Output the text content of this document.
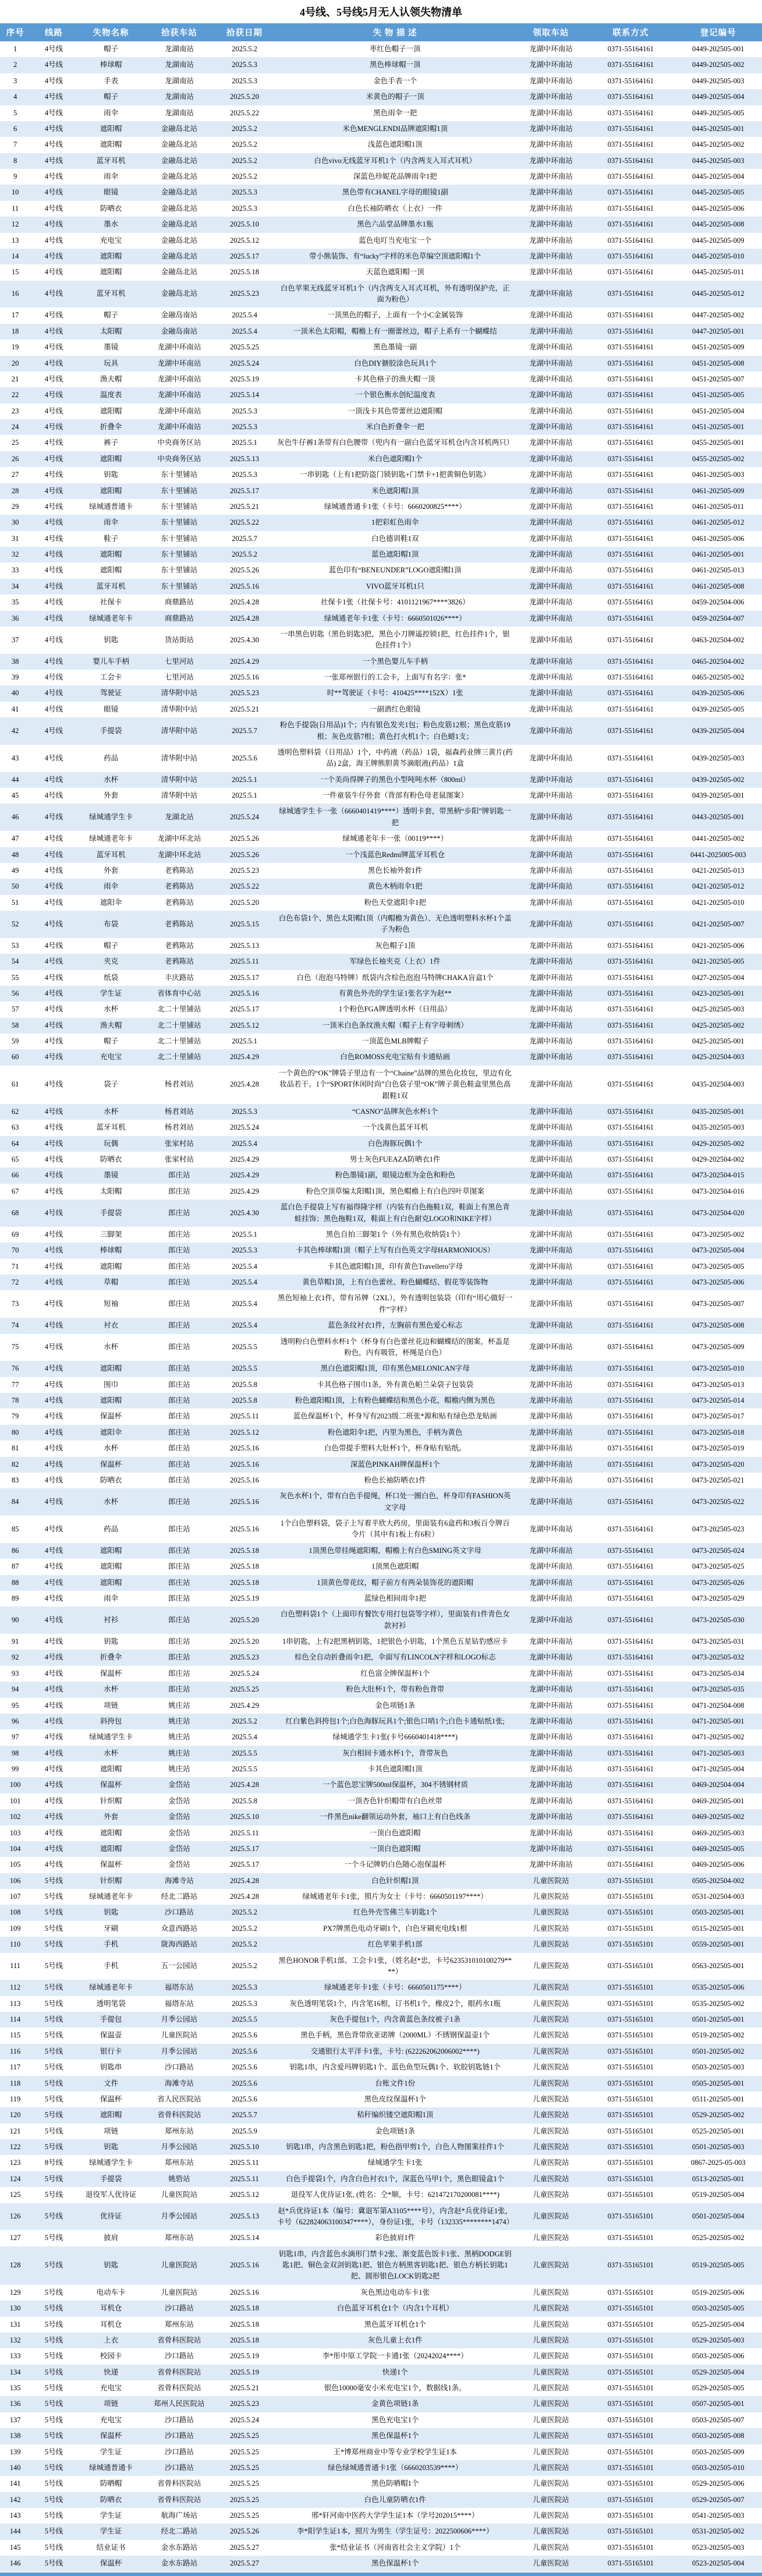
4号线、5号线5月无人认领失物清单
序号	线路	失物名称	拾获车站	拾获日期	失 物 描 述	领取车站	联系方式	登记编号
1	4号线	帽子	龙湖南站	2025.5.2	枣红色帽子一顶	龙湖中环南站	0371-55164161	0449-202505-001
2	4号线	棒球帽	龙湖南站	2025.5.3	黑色棒球帽一顶	龙湖中环南站	0371-55164161	0449-202505-002
3	4号线	手表	龙湖南站	2025.5.3	金色手表一个	龙湖中环南站	0371-55164161	0449-202505-003
4	4号线	帽子	龙湖南站	2025.5.20	米黄色的帽子一顶	龙湖中环南站	0371-55164161	0449-202505-004
5	4号线	雨伞	龙湖南站	2025.5.22	黑色雨伞一把	龙湖中环南站	0371-55164161	0449-202505-005
6	4号线	遮阳帽	金融岛北站	2025.5.2	米色MENGLENDI品牌遮阳帽1顶	龙湖中环南站	0371-55164161	0445-202505-001
7	4号线	遮阳帽	金融岛北站	2025.5.2	浅蓝色遮阳帽1顶	龙湖中环南站	0371-55164161	0445-202505-002
8	4号线	蓝牙耳机	金融岛北站	2025.5.2	白色vivo无线蓝牙耳机1个（内含两支入耳式耳机）	龙湖中环南站	0371-55164161	0445-202505-003
9	4号线	雨伞	金融岛北站	2025.5.2	深蓝色珍妮花品牌雨伞1把	龙湖中环南站	0371-55164161	0445-202505-004
10	4号线	眼镜	金融岛北站	2025.5.3	黑色带有CHANEL字母的眼镜1副	龙湖中环南站	0371-55164161	0445-202505-005
11	4号线	防晒衣	金融岛北站	2025.5.3	白色长袖防晒衣（上衣）一件	龙湖中环南站	0371-55164161	0445-202505-006
12	4号线	墨水	金融岛北站	2025.5.10	黑色六品堂品牌墨水1瓶	龙湖中环南站	0371-55164161	0445-202505-008
13	4号线	充电宝	金融岛北站	2025.5.12	蓝色电叮当充电宝一个	龙湖中环南站	0371-55164161	0445-202505-009
14	4号线	遮阳帽	金融岛北站	2025.5.17	带小熊装饰、有“lucky”字样的米色草编空顶遮阳帽1个	龙湖中环南站	0371-55164161	0445-202505-010
15	4号线	遮阳帽	金融岛北站	2025.5.18	天蓝色遮阳帽一顶	龙湖中环南站	0371-55164161	0445-202505-011
16	4号线	蓝牙耳机	金融岛北站	2025.5.23	白色苹果无线蓝牙耳机1个（内含两支入耳式耳机，外有透明保护壳，正面为粉色）	龙湖中环南站	0371-55164161	0445-202505-012
17	4号线	帽子	金融岛南站	2025.5.4	一顶黑色的帽子，上面有一个小C金属装饰	龙湖中环南站	0371-55164161	0447-202505-002
18	4号线	太阳帽	金融岛南站	2025.5.4	一顶米色太阳帽，帽檐上有一圈蕾丝边，帽子上系有一个蝴蝶结	龙湖中环南站	0371-55164161	0447-202505-001
19	4号线	墨镜	龙湖中环南站	2025.5.25	黑色墨镜一副	龙湖中环南站	0371-55164161	0451-202505-009
20	4号线	玩具	龙湖中环南站	2025.5.24	白色DIY搪胶涂色玩具1个	龙湖中环南站	0371-55164161	0451-202505-008
21	4号线	渔夫帽	龙湖中环南站	2025.5.19	卡其色格子的渔夫帽一顶	龙湖中环南站	0371-55164161	0451-202505-007
22	4号线	温度表	龙湖中环南站	2025.5.14	一个银色衡水创纪温度表	龙湖中环南站	0371-55164161	0451-202505-005
23	4号线	遮阳帽	龙湖中环南站	2025.5.3	一顶浅卡其色带蕾丝边遮阳帽	龙湖中环南站	0371-55164161	0451-202505-004
24	4号线	折叠伞	龙湖中环南站	2025.5.3	米白色折叠伞一把	龙湖中环南站	0371-55164161	0451-202505-001
25	4号线	裤子	中央商务区站	2025.5.1	灰色牛仔裤1条带有白色腰带（兜内有一副白色蓝牙耳机仓内含耳机两只）	龙湖中环南站	0371-55164161	0455-202505-001
26	4号线	遮阳帽	中央商务区站	2025.5.13	米白色遮阳帽1个	龙湖中环南站	0371-55164161	0455-202505-002
27	4号线	钥匙	东十里铺站	2025.5.3	一串钥匙（上有1把防盗门锁钥匙+门禁卡+1把黄铜色钥匙）	龙湖中环南站	0371-55164161	0461-202505-003
28	4号线	遮阳帽	东十里铺站	2025.5.17	米色遮阳帽1顶	龙湖中环南站	0371-55164161	0461-202505-009
29	4号线	绿城通普通卡	东十里铺站	2025.5.21	绿城通普通卡1张（卡号：6660200825****）	龙湖中环南站	0371-55164161	0461-202505-011
30	4号线	雨伞	东十里铺站	2025.5.22	1把彩虹色雨伞	龙湖中环南站	0371-55164161	0461-202505-012
31	4号线	鞋子	东十里铺站	2025.5.7	白色德训鞋1双	龙湖中环南站	0371-55164161	0461-202505-006
32	4号线	遮阳帽	东十里铺站	2025.5.2	蓝色遮阳帽1顶	龙湖中环南站	0371-55164161	0461-202505-001
33	4号线	遮阳帽	东十里铺站	2025.5.26	蓝色印有“BENEUNDER”LOGO遮阳帽1顶	龙湖中环南站	0371-55164161	0461-202505-013
34	4号线	蓝牙耳机	东十里铺站	2025.5.16	VIVO蓝牙耳机1只	龙湖中环南站	0371-55164161	0461-202505-008
35	4号线	社保卡	商鼎路站	2025.4.28	社保卡1张（社保卡号：4101121967****3826）	龙湖中环南站	0371-55164161	0459-202504-006
36	4号线	绿城通老年卡	商鼎路站	2025.4.28	绿城通老年卡1张（卡号：6660501026****）	龙湖中环南站	0371-55164161	0459-202504-007
37	4号线	钥匙	货站街站	2025.4.30	一串黑色钥匙（黑色钥匙3把，黑色小刀牌遥控锁1把，红色挂件1个，银色挂件1个）	龙湖中环南站	0371-55164161	0463-202504-002
38	4号线	婴儿车手柄	七里河站	2025.4.29	一个黑色婴儿车手柄	龙湖中环南站	0371-55164161	0465-202504-002
39	4号线	工会卡	七里河站	2025.5.16	一张郑州银行的工会卡，上面写有名字：张*	龙湖中环南站	0371-55164161	0465-202505-002
40	4号线	驾驶证	清华附中站	2025.5.23	时**驾驶证（卡号：410425****152X）1张	龙湖中环南站	0371-55164161	0439-202505-006
41	4号线	眼镜	清华附中站	2025.5.21	一副酒红色眼镜	龙湖中环南站	0371-55164161	0439-202505-005
42	4号线	手提袋	清华附中站	2025.5.7	粉色手提袋(日用品)1个；内有银色发夹1包；粉色皮筋12根；黑色皮筋19根；灰色皮筋7根；黄色打火机1个；白色蜡1支；	龙湖中环南站	0371-55164161	0439-202505-004
43	4号线	药品	清华附中站	2025.5.6	透明色塑料袋（日用品）1个，中药液（药品）1袋，福森药业牌三黄片(药品) 2盒，海王牌熊胆黄芩滴眼液(药品）1盒	龙湖中环南站	0371-55164161	0439-202505-003
44	4号线	水杯	清华附中站	2025.5.1	一个美尚得牌子的黑色小型吨吨水杯（800ml）	龙湖中环南站	0371-55164161	0439-202505-002
45	4号线	外套	清华附中站	2025.5.1	一件童装牛仔外套（背部有粉色母老鼠图案）	龙湖中环南站	0371-55164161	0439-202505-001
46	4号线	绿城通学生卡	龙湖北站	2025.5.24	绿城通学生卡一张（6660401419****）透明卡套，带黑柄“步阳”牌钥匙一把	龙湖中环南站	0371-55164161	0443-202505-001
47	4号线	绿城通老年卡	龙湖中环北站	2025.5.26	绿城通老年卡一张（00119****）	龙湖中环南站	0371-55164161	0441-202505-002
48	4号线	蓝牙耳机	龙湖中环北站	2025.5.26	一个浅蓝色Redmi牌蓝牙耳机仓	龙湖中环南站	0371-55164161	0441-2025005-003
49	4号线	外套	老鸦陈站	2025.5.23	黑色长袖外套1件	龙湖中环南站	0371-55164161	0421-202505-013
50	4号线	雨伞	老鸦陈站	2025.5.22	黄色木柄雨伞1把	龙湖中环南站	0371-55164161	0421-202505-012
51	4号线	遮阳伞	老鸦陈站	2025.5.20	粉色天堂遮阳伞1把	龙湖中环南站	0371-55164161	0421-202505-010
52	4号线	布袋	老鸦陈站	2025.5.15	白色布袋1个、黑色太阳帽1顶（内帽檐为黄色）、无色透明塑料水杯1个盖子为粉色	龙湖中环南站	0371-55164161	0421-202505-007
53	4号线	帽子	老鸦陈站	2025.5.13	灰色帽子1顶	龙湖中环南站	0371-55164161	0421-202505-006
54	4号线	夹克	老鸦陈站	2025.5.11	军绿色长袖夹克（上衣）1件	龙湖中环南站	0371-55164161	0421-202505-005
55	4号线	纸袋	丰庆路站	2025.5.17	白色（泡泡马特牌）纸袋内含棕色泡泡马特牌CHAKA盲盒1个	龙湖中环南站	0371-55164161	0427-202505-004
56	4号线	学生证	省体育中心站	2025.5.16	有黄色外壳的学生证1张名字为赵**	龙湖中环南站	0371-55164161	0423-202505-001
57	4号线	水杯	北二十里铺站	2025.5.17	1个粉色FGA牌透明水杯（日用品）	龙湖中环南站	0371-55164161	0425-202505-003
58	4号线	渔夫帽	北二十里铺站	2025.5.12	一顶米白色条纹渔夫帽（帽子上有字母刺绣）	龙湖中环南站	0371-55164161	0425-202505-002
59	4号线	帽子	北二十里铺站	2025.5.1	一顶蓝色MLB牌帽子	龙湖中环南站	0371-55164161	0425-202505-001
60	4号线	充电宝	北二十里铺站	2025.4.29	白色ROMOSS充电宝贴有卡通贴画	龙湖中环南站	0371-55164161	0425-202504-003
61	4号线	袋子	杨君刘站	2025.4.28	一个黄色的“OK”牌袋子里边有一个“Chaine”品牌的黑色化妆包，里边有化妆品若干。1个“SPORT休闲时尚”白色袋子里“OK”牌子黄色鞋盒里黑色高跟鞋1双	龙湖中环南站	0371-55164161	0435-202504-003
62	4号线	水杯	杨君刘站	2025.5.3	“CASNO”品牌灰色水杯1个	龙湖中环南站	0371-55164161	0435-202505-001
63	4号线	蓝牙耳机	杨君刘站	2025.5.24	一个浅黄色蓝牙耳机	龙湖中环南站	0371-55164161	0435-202505-003
64	4号线	玩偶	张家村站	2025.5.4	白色海豚玩偶1个	龙湖中环南站	0371-55164161	0429-202505-002
65	4号线	防晒衣	张家村站	2025.4.29	男士灰色FUEAZA防晒衣1件	龙湖中环南站	0371-55164161	0429-202504-002
66	4号线	墨镜	郎庄站	2025.4.29	粉色墨镜1副，眼镜边框为金色和粉色	龙湖中环南站	0371-55164161	0473-202504-015
67	4号线	太阳帽	郎庄站	2025.4.29	粉色空顶草编太阳帽1顶，黑色帽檐上有白色四叶草图案	龙湖中环南站	0371-55164161	0473-202504-016
68	4号线	手提袋	郎庄站	2025.4.30	蓝白色手提袋上写有福得隆字样（内装有白色拖鞋1双，鞋面上有黑色青蛙挂饰；黑色拖鞋1双，鞋面上有白色耐克LOGO和NIKE字样）	龙湖中环南站	0371-55164161	0473-202504-020
69	4号线	三脚架	郎庄站	2025.5.1	黑色自拍三脚架1个（外有黑色收纳袋1个）	龙湖中环南站	0371-55164161	0473-202505-002
70	4号线	棒球帽	郎庄站	2025.5.3	卡其色棒球帽1顶（帽子上写有白色英文字母HARMONIOUS）	龙湖中环南站	0371-55164161	0473-202505-004
71	4号线	遮阳帽	郎庄站	2025.5.4	卡其色遮阳帽1顶，印有黄色Travellero字母	龙湖中环南站	0371-55164161	0473-202505-005
72	4号线	草帽	郎庄站	2025.5.4	黄色草帽1顶，上有白色蕾丝、粉色蝴蝶结、假花等装饰物	龙湖中环南站	0371-55164161	0473-202505-006
73	4号线	短袖	郎庄站	2025.5.4	黑色短袖上衣1件，带有吊牌（2XL），外有透明包装袋（印有“用心做好一件”字样）	龙湖中环南站	0371-55164161	0473-202505-007
74	4号线	衬衣	郎庄站	2025.5.4	蓝色条纹衬衣1件，左胸前有黑色爱心标志	龙湖中环南站	0371-55164161	0473-202505-008
75	4号线	水杯	郎庄站	2025.5.5	透明粉白色塑料水杯1个（杯身有白色蕾丝花边和蝴蝶结的图案，杯盖是粉色，内有吸管，杯绳是白色）	龙湖中环南站	0371-55164161	0473-202505-009
76	4号线	遮阳帽	郎庄站	2025.5.5	黑白色遮阳帽1顶，印有黑色MELONICAN字母	龙湖中环南站	0371-55164161	0473-202505-010
77	4号线	围巾	郎庄站	2025.5.8	卡其色格子围巾1条，外有黄色帕兰朵袋子包装袋	龙湖中环南站	0371-55164161	0473-202505-013
78	4号线	遮阳帽	郎庄站	2025.5.8	粉色遮阳帽1顶，上有粉色蝴蝶结和黑色小花，帽檐内侧为黑色	龙湖中环南站	0371-55164161	0473-202505-014
79	4号线	保温杯	郎庄站	2025.5.11	蓝色保温杯1个，杯身写有2023级二班张*源和贴有绿色恐龙贴画	龙湖中环南站	0371-55164161	0473-202505-017
80	4号线	遮阳伞	郎庄站	2025.5.12	粉色遮阳伞1把，内里为黑色，手柄为黄色	龙湖中环南站	0371-55164161	0473-202505-018
81	4号线	水杯	郎庄站	2025.5.16	白色带提手塑料大肚杯1个，杯身贴有贴纸。	龙湖中环南站	0371-55164161	0473-202505-019
82	4号线	保温杯	郎庄站	2025.5.16	深蓝色PINKAH牌保温杯1个	龙湖中环南站	0371-55164161	0473-202505-020
83	4号线	防晒衣	郎庄站	2025.5.16	粉色长袖防晒衣1件	龙湖中环南站	0371-55164161	0473-202505-021
84	4号线	水杯	郎庄站	2025.5.16	灰色水杯1个，带有白色手提绳，杯口处一圈白色，杯身印有FASHION英文字母	龙湖中环南站	0371-55164161	0473-202505-022
85	4号线	药品	郎庄站	2025.5.16	1个白色塑料袋，袋子上写着平欣大药房，里面装有6盒药和3板百令牌百令片（其中有1板上有6粒）	龙湖中环南站	0371-55164161	0473-202505-023
86	4号线	遮阳帽	郎庄站	2025.5.18	1顶黑色带挂绳遮阳帽，帽檐上有白色SMING英文字母	龙湖中环南站	0371-55164161	0473-202505-024
87	4号线	遮阳帽	郎庄站	2025.5.18	1顶黑色遮阳帽	龙湖中环南站	0371-55164161	0473-202505-025
88	4号线	遮阳帽	郎庄站	2025.5.18	1顶黄色带花纹，帽子前方有两朵装饰花的遮阳帽	龙湖中环南站	0371-55164161	0473-202505-026
89	4号线	雨伞	郎庄站	2025.5.19	蓝绿色相间雨伞1把	龙湖中环南站	0371-55164161	0473-202505-029
90	4号线	衬衫	郎庄站	2025.5.20	白色塑料袋1个（上面印有餐饮专用打包袋等字样），里面装有1件青色女款衬衫	龙湖中环南站	0371-55164161	0473-202505-030
91	4号线	钥匙	郎庄站	2025.5.20	1串钥匙，上有2把黑柄钥匙，1把银色小钥匙，1个黑色五星钻豹感应卡	龙湖中环南站	0371-55164161	0473-202505-031
92	4号线	折叠伞	郎庄站	2025.5.23	棕色全自动折叠雨伞1把，伞面写有LINCOLN字样和LOGO标志	龙湖中环南站	0371-55164161	0473-202505-032
93	4号线	保温杯	郎庄站	2025.5.24	红色富全牌保温杯1个	龙湖中环南站	0371-55164161	0473-202505-034
94	4号线	水杯	郎庄站	2025.5.25	粉色大肚杯1个，带有粉色背带	龙湖中环南站	0371-55164161	0473-202505-035
95	4号线	项链	姚庄站	2025.4.29	金色项链1条	龙湖中环南站	0371-55164161	0471-202504-008
96	4号线	斜挎包	姚庄站	2025.5.2	红白紫色斜挎包1个;白色海豚玩具1个;银色口哨1个;白色卡通贴纸1张;	龙湖中环南站	0371-55164161	0471-202505-001
97	4号线	绿城通学生卡	姚庄站	2025.5.4	绿城通学生卡1张(卡号6660401418****)	龙湖中环南站	0371-55164161	0471-202505-002
98	4号线	水杯	姚庄站	2025.5.5	灰白相间卡通水杯1个，背带灰色	龙湖中环南站	0371-55164161	0471-202505-003
99	4号线	遮阳帽	姚庄站	2025.5.5	卡其色遮阳帽1顶	龙湖中环南站	0371-55164161	0471-202505-004
100	4号线	保温杯	金岱站	2025.4.28	一个蓝色思宝牌500ml保温杯，304不锈钢材质	龙湖中环南站	0371-55164161	0469-202504-004
101	4号线	针织帽	金岱站	2025.5.8	一顶杏色针织帽带有白色丝带	龙湖中环南站	0371-55164161	0469-202505-001
102	4号线	外套	金岱站	2025.5.10	一件黑色nike翻领运动外套，袖口上有白色线条	龙湖中环南站	0371-55164161	0469-202505-002
103	4号线	遮阳帽	金岱站	2025.5.11	一顶白色遮阳帽	龙湖中环南站	0371-55164161	0469-202505-003
104	4号线	遮阳帽	金岱站	2025.5.17	一顶白色遮阳帽	龙湖中环南站	0371-55164161	0469-202505-005
105	4号线	保温杯	金岱站	2025.5.17	一个斗记牌奶白色随心泡保温杯	龙湖中环南站	0371-55164161	0469-202505-006
106	5号线	针织帽	海滩寺站	2025.4.28	白色针织帽1顶	儿童医院站	0371-55165101	0505-202504-002
107	5号线	绿城通老年卡	经北二路站	2025.4.28	绿城通老年卡1张，照片为女士（卡号：6660501197****）	儿童医院站	0371-55165101	0531-202504-003
108	5号线	钥匙	沙口路站	2025.5.2	红色外壳雪佛兰车钥匙1个	儿童医院站	0371-55165101	0503-202505-001
109	5号线	牙刷	众意西路站	2025.5.2	PX7牌黑色电动牙刷1个，白色牙刷充电线1根	儿童医院站	0371-55165101	0515-202505-001
110	5号线	手机	陇海西路站	2025.5.2	红色苹果手机1部	儿童医院站	0371-55165101	0559-202505-001
111	5号线	手机	五一公园站	2025.5.2	黑色HONOR手机1部、工会卡1张，（姓名赵*忠，卡号623531010100279****）	儿童医院站	0371-55165101	0563-202505-001
112	5号线	绿城通老年卡	福塔东站	2025.5.3	绿城通老年卡1张（卡号：6660501175****）	儿童医院站	0371-55165101	0535-202505-006
113	5号线	透明笔袋	福塔东站	2025.5.3	灰色透明笔袋1个，内含笔16根，订书机1个，橡皮2个，眼药水1瓶	儿童医院站	0371-55165101	0535-202505-002
114	5号线	手提包	月季公园站	2025.5.5	灰色手提包1个，内含黄蓝色条纹被子1条	儿童医院站	0371-55165101	0501-202505-001
115	5号线	保温壶	儿童医院站	2025.5.6	黑色手柄，黑色背带欣亚诺牌（2000ML）不锈钢保温壶1个	儿童医院站	0371-55165101	0519-202505-002
116	5号线	银行卡	月季公园站	2025.5.6	交通银行太平洋卡1张，卡号: (622262062006002****)	儿童医院站	0371-55165101	0501-202505-002
117	5号线	钥匙串	沙口路站	2025.5.6	钥匙1串，内含爱玛牌钥匙1个、蓝色鱼型玩偶1个、软胶钥匙链1个	儿童医院站	0371-55165101	0503-202505-003
118	5号线	文件	海滩寺站	2025.5.6	台账文件1份	儿童医院站	0371-55165101	0505-202505-001
119	5号线	保温杯	省人民医院站	2025.5.6	黑色皮纹保温杯1个	儿童医院站	0371-55165101	0511-202505-001
120	5号线	遮阳帽	省骨科医院站	2025.5.7	秸秆编织镂空遮阳帽1顶	儿童医院站	0371-55165101	0529-202505-002
121	5号线	项链	郑州东站	2025.5.9	金色项链1条	儿童医院站	0371-55165101	0525-202505-001
122	5号线	钥匙	月季公园站	2025.5.10	钥匙1串，内含黑色钥匙1把，粉色指甲剪1个，白色人物图案挂件1个	儿童医院站	0371-55165101	0501-202505-003
123	8号线	绿城通学生卡	郑州东站	2025.5.11	绿城通学生卡1张	儿童医院站	0371-55165101	0867-2025-05-003
124	5号线	手提袋	姚砦站	2025.5.11	白色手提袋1个，内含白色衬衣1个，深蓝色马甲1个，黑色眼镜盒1个	儿童医院站	0371-55165101	0513-202505-001
125	5号线	退役军人优待证	儿童医院站	2025.5.12	退役军人优待证1张, (姓名：仝*顺，卡号：621472170200081****)	儿童医院站	0371-55165101	0519-202505-004
126	5号线	优待证	月季公园站	2025.5.13	赵*兵优待证1本（编号：冀退军第A3105****号），内含赵*兵优待证1张，卡号（622824063100347****），身份证1张，卡号（132335********1474）	儿童医院站	0371-55165101	0501-202505-004
127	5号线	披肩	郑州东站	2025.5.14	彩色披肩1件	儿童医院站	0371-55165101	0525-202505-002
128	5号线	钥匙	儿童医院站	2025.5.16	钥匙1串，内含蓝色水滴形门禁卡2张、渐变蓝色饭卡1张、黑柄DODGE钥匙1把、铜色金双剑钥匙1把、银色方柄黑客钥匙1把、银色方柄长钥匙1把、圆形银色LOCK钥匙2把	儿童医院站	0371-55165101	0519-202505-005
129	5号线	电动车卡	儿童医院站	2025.5.16	灰色黑边电动车卡1张	儿童医院站	0371-55165101	0519-202505-006
130	5号线	耳机仓	沙口路站	2025.5.18	白色蓝牙耳机仓1个（内含1个耳机）	儿童医院站	0371-55165101	0503-202505-005
131	5号线	耳机仓	郑州东站	2025.5.18	黑色蓝牙耳机仓1个	儿童医院站	0371-55165101	0525-202505-004
132	5号线	上衣	省骨科医院站	2025.5.18	灰色儿童上衣1件	儿童医院站	0371-55165101	0529-202505-003
133	5号线	校园卡	沙口路站	2025.5.19	李*彤中原工学院一卡通1张（20242024****）	儿童医院站	0371-55165101	0503-202505-006
134	5号线	快递	省骨科医院站	2025.5.19	快递1个	儿童医院站	0371-55165101	0529-202505-004
135	5号线	充电宝	省骨科医院站	2025.5.21	银色10000毫安小米充电宝1个，数据线1条。	儿童医院站	0371-55165101	0529-202505-005
136	5号线	项链	郑州人民医院站	2025.5.23	金黄色项链1条	儿童医院站	0371-55165101	0507-202505-001
137	5号线	充电宝	沙口路站	2025.5.24	黑色充电宝1个	儿童医院站	0371-55165101	0503-202505-007
138	5号线	保温杯	沙口路站	2025.5.25	黑色保温杯1个	儿童医院站	0371-55165101	0503-202505-008
139	5号线	学生证	沙口路站	2025.5.25	王*博郑州商业中等专业学校学生证1本	儿童医院站	0371-55165101	0503-202505-009
140	5号线	绿城通普通卡	沙口路站	2025.5.25	绿色绿城通普通卡1张（6660203539****）	儿童医院站	0371-55165101	0503-202505-010
141	5号线	防晒帽	省骨科医院站	2025.5.25	黑色防晒帽1个	儿童医院站	0371-55165101	0529-202505-006
142	5号线	防晒衣	省骨科医院站	2025.5.25	白色儿童防晒衣1件	儿童医院站	0371-55165101	0529-202505-007
143	5号线	学生证	航海广场站	2025.5.25	邢*轩河南中医药大学学生证1本（学号202015****）	儿童医院站	0371-55165101	0541-202505-003
144	5号线	学生证	经北二路站	2025.5.26	李*阳学生证1本，照片为男生（学生证号：2022500606****）	儿童医院站	0371-55165101	0531-202505-002
145	5号线	结业证书	金水东路站	2025.5.27	张*结业证书（河南省社会主义学院）1个	儿童医院站	0371-55165101	0523-202505-003
146	5号线	保温杯	金水东路站	2025.5.27	黑色保温杯1个	儿童医院站	0371-55165101	0523-202505-004
